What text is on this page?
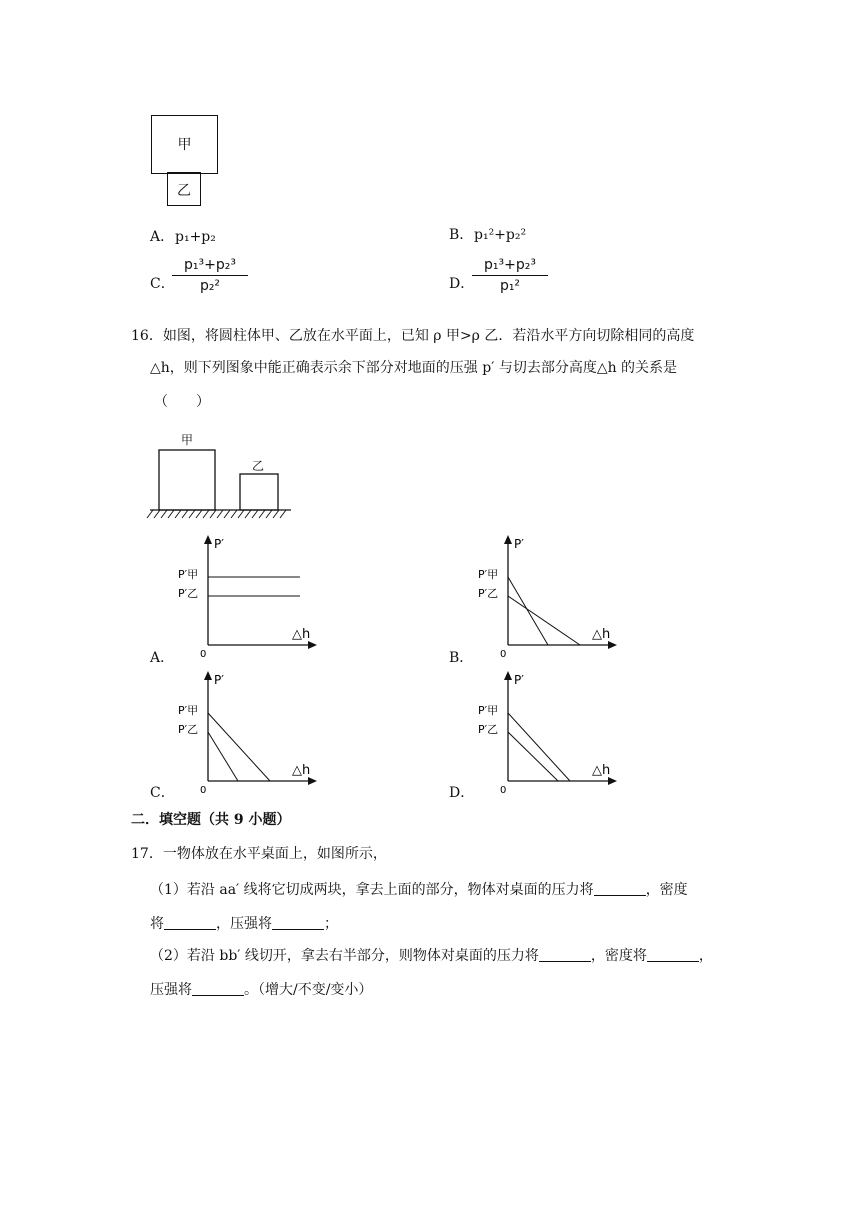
甲
乙
A． p₁+p₂	B． p₁²+p₂²
C．
p₁³+p₂³
p₂²	D．
p₁³+p₂³
p₁²
16．如图，将圆柱体甲、乙放在水平面上，已知 ρ 甲>ρ 乙．若沿水平方向切除相同的高度
△h，则下列图象中能正确表示余下部分对地面的压强 p′ 与切去部分高度△h 的关系是
（　　）
甲
乙
P′
△h
0
P′甲
P′乙
A．
P′
△h
0
P′甲
P′乙
B．
P′
△h
0
P′甲
P′乙
C．
P′
△h
0
P′甲
P′乙
D．
二．填空题（共 9 小题）
17．一物体放在水平桌面上，如图所示，
（1）若沿 aa′ 线将它切成两块，拿去上面的部分，物体对桌面的压力将	，密度
将	，压强将	；
（2）若沿 bb′ 线切开，拿去右半部分，则物体对桌面的压力将	，密度将	，
压强将	。（增大/不变/变小）
